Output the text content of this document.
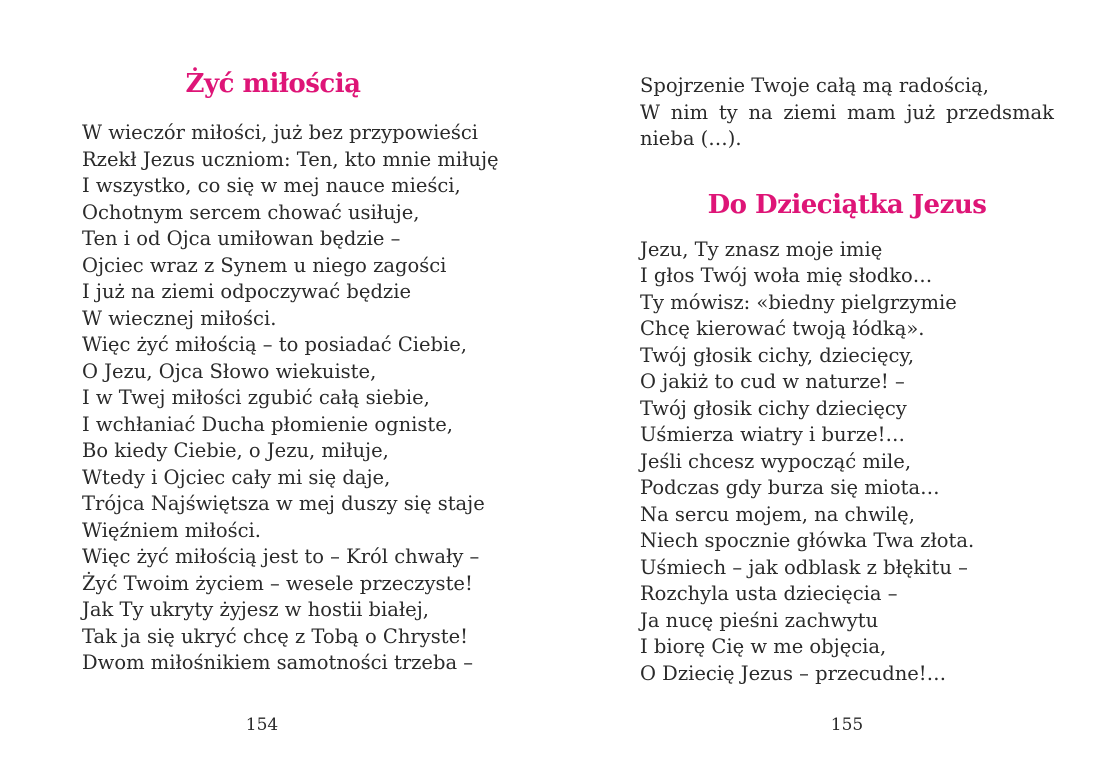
Żyć miłością
W wieczór miłości, już bez przypowieści
Rzekł Jezus uczniom: Ten, kto mnie miłuję
I wszystko, co się w mej nauce mieści,
Ochotnym sercem chować usiłuje,
Ten i od Ojca umiłowan będzie –
Ojciec wraz z Synem u niego zagości
I już na ziemi odpoczywać będzie
W wiecznej miłości.
Więc żyć miłością – to posiadać Ciebie,
O Jezu, Ojca Słowo wiekuiste,
I w Twej miłości zgubić całą siebie,
I wchłaniać Ducha płomienie ogniste,
Bo kiedy Ciebie, o Jezu, miłuje,
Wtedy i Ojciec cały mi się daje,
Trójca Najświętsza w mej duszy się staje
Więźniem miłości.
Więc żyć miłością jest to – Król chwały –
Żyć Twoim życiem – wesele przeczyste!
Jak Ty ukryty żyjesz w hostii białej,
Tak ja się ukryć chcę z Tobą o Chryste!
Dwom miłośnikiem samotności trzeba –
Spojrzenie Twoje całą mą radością,
W nim ty na ziemi mam już przedsmak
nieba (…).
Do Dzieciątka Jezus
Jezu, Ty znasz moje imię
I głos Twój woła mię słodko…
Ty mówisz: «biedny pielgrzymie
Chcę kierować twoją łódką».
Twój głosik cichy, dziecięcy,
O jakiż to cud w naturze! –
Twój głosik cichy dziecięcy
Uśmierza wiatry i burze!…
Jeśli chcesz wypocząć mile,
Podczas gdy burza się miota…
Na sercu mojem, na chwilę,
Niech spocznie główka Twa złota.
Uśmiech – jak odblask z błękitu –
Rozchyla usta dziecięcia –
Ja nucę pieśni zachwytu
I biorę Cię w me objęcia,
O Dziecię Jezus – przecudne!…
154	155
